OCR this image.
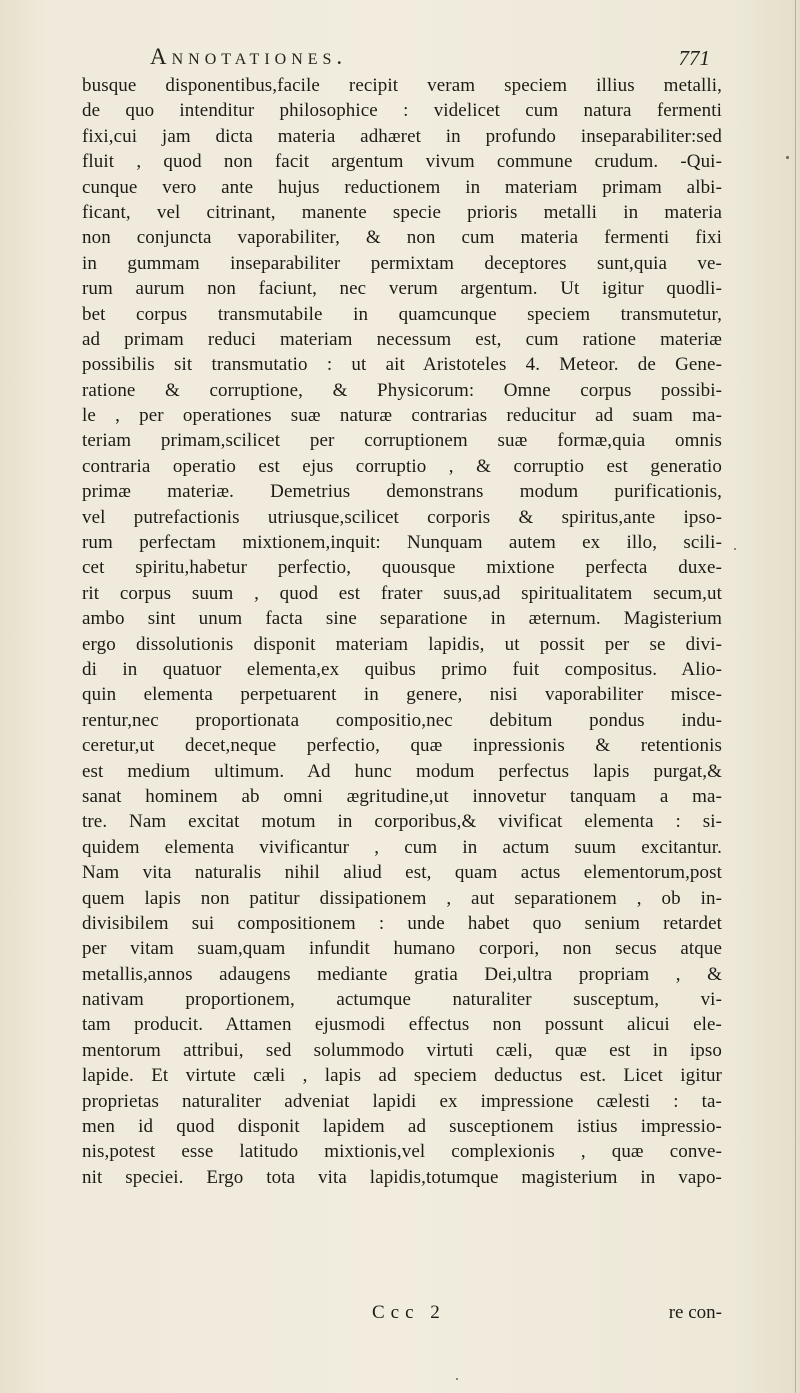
Annotationes.	771
busque disponentibus,facile recipit veram speciem illius metalli,
de quo intenditur philosophice : videlicet cum natura fermenti
fixi,cui jam dicta materia adhæret in profundo inseparabiliter:sed
fluit , quod non facit argentum vivum commune crudum. -Qui-
cunque vero ante hujus reductionem in materiam primam albi-
ficant, vel citrinant, manente specie prioris metalli in materia
non conjuncta vaporabiliter, & non cum materia fermenti fixi
in gummam inseparabiliter permixtam deceptores sunt,quia ve-
rum aurum non faciunt, nec verum argentum. Ut igitur quodli-
bet corpus transmutabile in quamcunque speciem transmutetur,
ad primam reduci materiam necessum est, cum ratione materiæ
possibilis sit transmutatio : ut ait Aristoteles 4. Meteor. de Gene-
ratione & corruptione, & Physicorum: Omne corpus possibi-
le , per operationes suæ naturæ contrarias reducitur ad suam ma-
teriam primam,scilicet per corruptionem suæ formæ,quia omnis
contraria operatio est ejus corruptio , & corruptio est generatio
primæ materiæ. Demetrius demonstrans modum purificationis,
vel putrefactionis utriusque,scilicet corporis & spiritus,ante ipso-
rum perfectam mixtionem,inquit: Nunquam autem ex illo, scili-
cet spiritu,habetur perfectio, quousque mixtione perfecta duxe-
rit corpus suum , quod est frater suus,ad spiritualitatem secum,ut
ambo sint unum facta sine separatione in æternum. Magisterium
ergo dissolutionis disponit materiam lapidis, ut possit per se divi-
di in quatuor elementa,ex quibus primo fuit compositus. Alio-
quin elementa perpetuarent in genere, nisi vaporabiliter misce-
rentur,nec proportionata compositio,nec debitum pondus indu-
ceretur,ut decet,neque perfectio, quæ inpressionis & retentionis
est medium ultimum. Ad hunc modum perfectus lapis purgat,&
sanat hominem ab omni ægritudine,ut innovetur tanquam a ma-
tre. Nam excitat motum in corporibus,& vivificat elementa : si-
quidem elementa vivificantur , cum in actum suum excitantur.
Nam vita naturalis nihil aliud est, quam actus elementorum,post
quem lapis non patitur dissipationem , aut separationem , ob in-
divisibilem sui compositionem : unde habet quo senium retardet
per vitam suam,quam infundit humano corpori, non secus atque
metallis,annos adaugens mediante gratia Dei,ultra propriam , &
nativam proportionem, actumque naturaliter susceptum, vi-
tam producit. Attamen ejusmodi effectus non possunt alicui ele-
mentorum attribui, sed solummodo virtuti cæli, quæ est in ipso
lapide. Et virtute cæli , lapis ad speciem deductus est. Licet igitur
proprietas naturaliter adveniat lapidi ex impressione cælesti : ta-
men id quod disponit lapidem ad susceptionem istius impressio-
nis,potest esse latitudo mixtionis,vel complexionis , quæ conve-
nit speciei. Ergo tota vita lapidis,totumque magisterium in vapo-
Ccc 2	re con-
